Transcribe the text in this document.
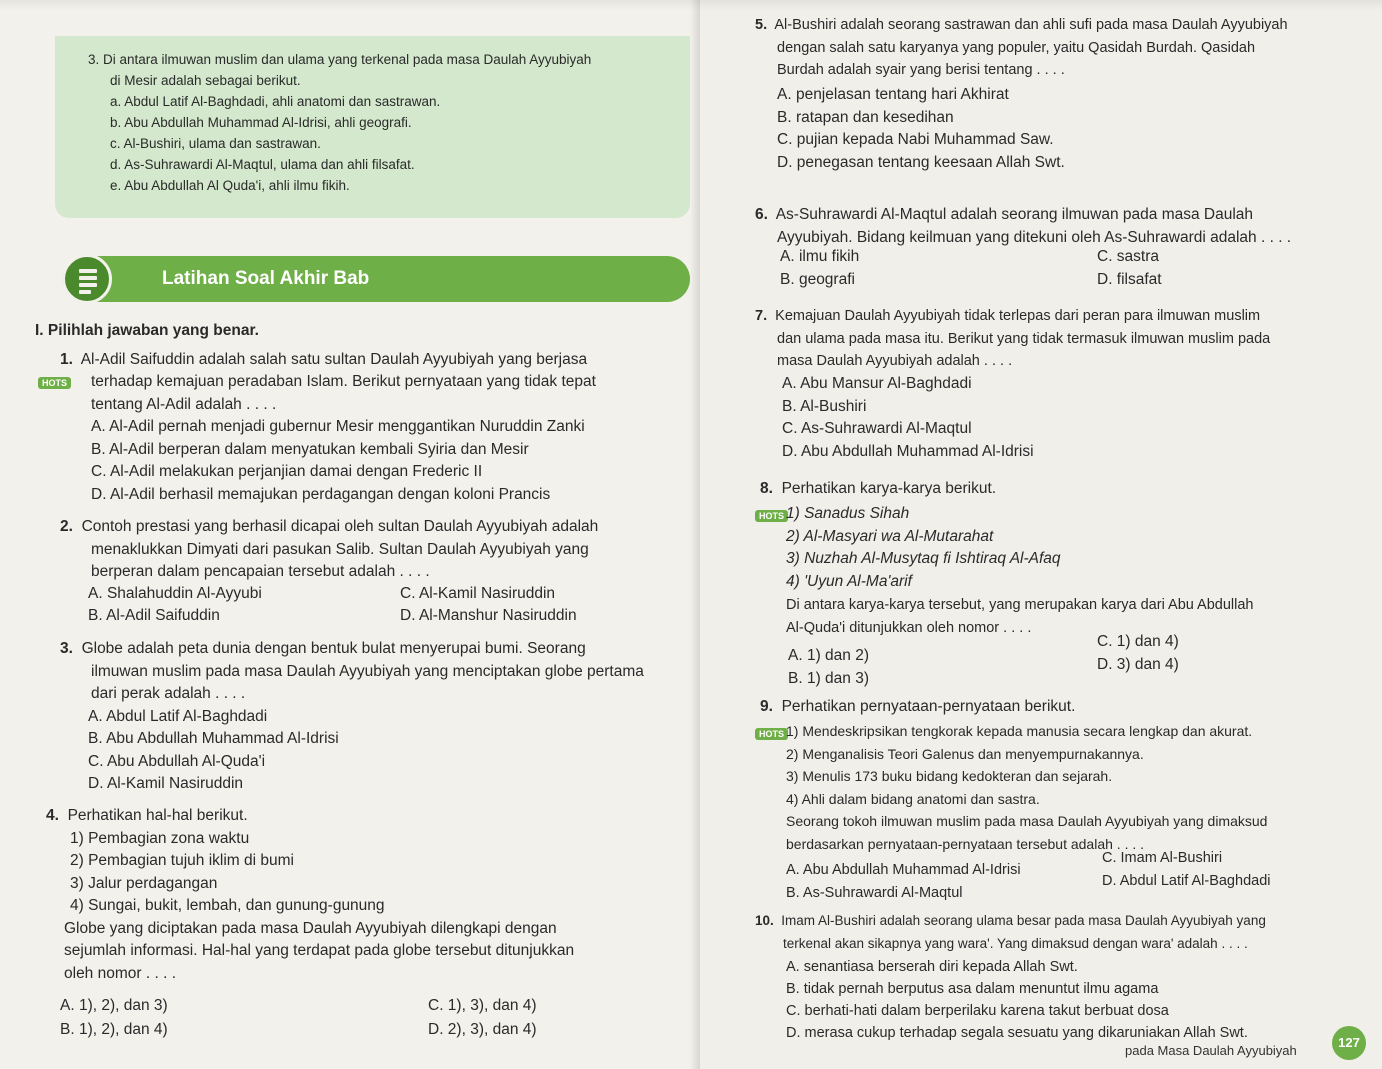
3. Di antara ilmuwan muslim dan ulama yang terkenal pada masa Daulah Ayyubiyah
di Mesir adalah sebagai berikut.
a. Abdul Latif Al-Baghdadi, ahli anatomi dan sastrawan.
b. Abu Abdullah Muhammad Al-Idrisi, ahli geografi.
c. Al-Bushiri, ulama dan sastrawan.
d. As-Suhrawardi Al-Maqtul, ulama dan ahli filsafat.
e. Abu Abdullah Al Quda'i, ahli ilmu fikih.
Latihan Soal Akhir Bab
I. Pilihlah jawaban yang benar.
1. Al-Adil Saifuddin adalah salah satu sultan Daulah Ayyubiyah yang berjasa
HOTS terhadap kemajuan peradaban Islam. Berikut pernyataan yang tidak tepat
tentang Al-Adil adalah . . . .
A. Al-Adil pernah menjadi gubernur Mesir menggantikan Nuruddin Zanki
B. Al-Adil berperan dalam menyatukan kembali Syiria dan Mesir
C. Al-Adil melakukan perjanjian damai dengan Frederic II
D. Al-Adil berhasil memajukan perdagangan dengan koloni Prancis
2. Contoh prestasi yang berhasil dicapai oleh sultan Daulah Ayyubiyah adalah
menaklukkan Dimyati dari pasukan Salib. Sultan Daulah Ayyubiyah yang
berperan dalam pencapaian tersebut adalah . . . .
A. Shalahuddin Al-Ayyubi
B. Al-Adil Saifuddin
C. Al-Kamil Nasiruddin
D. Al-Manshur Nasiruddin
3. Globe adalah peta dunia dengan bentuk bulat menyerupai bumi. Seorang
ilmuwan muslim pada masa Daulah Ayyubiyah yang menciptakan globe pertama
dari perak adalah . . . .
A. Abdul Latif Al-Baghdadi
B. Abu Abdullah Muhammad Al-Idrisi
C. Abu Abdullah Al-Quda'i
D. Al-Kamil Nasiruddin
4. Perhatikan hal-hal berikut.
1) Pembagian zona waktu
2) Pembagian tujuh iklim di bumi
3) Jalur perdagangan
4) Sungai, bukit, lembah, dan gunung-gunung
Globe yang diciptakan pada masa Daulah Ayyubiyah dilengkapi dengan
sejumlah informasi. Hal-hal yang terdapat pada globe tersebut ditunjukkan
oleh nomor . . . .
A. 1), 2), dan 3)
B. 1), 2), dan 4)
C. 1), 3), dan 4)
D. 2), 3), dan 4)
5. Al-Bushiri adalah seorang sastrawan dan ahli sufi pada masa Daulah Ayyubiyah
dengan salah satu karyanya yang populer, yaitu Qasidah Burdah. Qasidah
Burdah adalah syair yang berisi tentang . . . .
A. penjelasan tentang hari Akhirat
B. ratapan dan kesedihan
C. pujian kepada Nabi Muhammad Saw.
D. penegasan tentang keesaan Allah Swt.
6. As-Suhrawardi Al-Maqtul adalah seorang ilmuwan pada masa Daulah
Ayyubiyah. Bidang keilmuan yang ditekuni oleh As-Suhrawardi adalah . . . .
A. ilmu fikih
B. geografi
C. sastra
D. filsafat
7. Kemajuan Daulah Ayyubiyah tidak terlepas dari peran para ilmuwan muslim
dan ulama pada masa itu. Berikut yang tidak termasuk ilmuwan muslim pada
masa Daulah Ayyubiyah adalah . . . .
A. Abu Mansur Al-Baghdadi
B. Al-Bushiri
C. As-Suhrawardi Al-Maqtul
D. Abu Abdullah Muhammad Al-Idrisi
8. Perhatikan karya-karya berikut.
HOTS 1) Sanadus Sihah
2) Al-Masyari wa Al-Mutarahat
3) Nuzhah Al-Musytaq fi Ishtiraq Al-Afaq
4) 'Uyun Al-Ma'arif
Di antara karya-karya tersebut, yang merupakan karya dari Abu Abdullah
Al-Quda'i ditunjukkan oleh nomor . . . .
A. 1) dan 2)
B. 1) dan 3)
C. 1) dan 4)
D. 3) dan 4)
9. Perhatikan pernyataan-pernyataan berikut.
HOTS 1) Mendeskripsikan tengkorak kepada manusia secara lengkap dan akurat.
2) Menganalisis Teori Galenus dan menyempurnakannya.
3) Menulis 173 buku bidang kedokteran dan sejarah.
4) Ahli dalam bidang anatomi dan sastra.
Seorang tokoh ilmuwan muslim pada masa Daulah Ayyubiyah yang dimaksud
berdasarkan pernyataan-pernyataan tersebut adalah . . . .
A. Abu Abdullah Muhammad Al-Idrisi
B. As-Suhrawardi Al-Maqtul
C. Imam Al-Bushiri
D. Abdul Latif Al-Baghdadi
10. Imam Al-Bushiri adalah seorang ulama besar pada masa Daulah Ayyubiyah yang
terkenal akan sikapnya yang wara'. Yang dimaksud dengan wara' adalah . . . .
A. senantiasa berserah diri kepada Allah Swt.
B. tidak pernah berputus asa dalam menuntut ilmu agama
C. berhati-hati dalam berperilaku karena takut berbuat dosa
D. merasa cukup terhadap segala sesuatu yang dikaruniakan Allah Swt.
pada Masa Daulah Ayyubiyah
127
